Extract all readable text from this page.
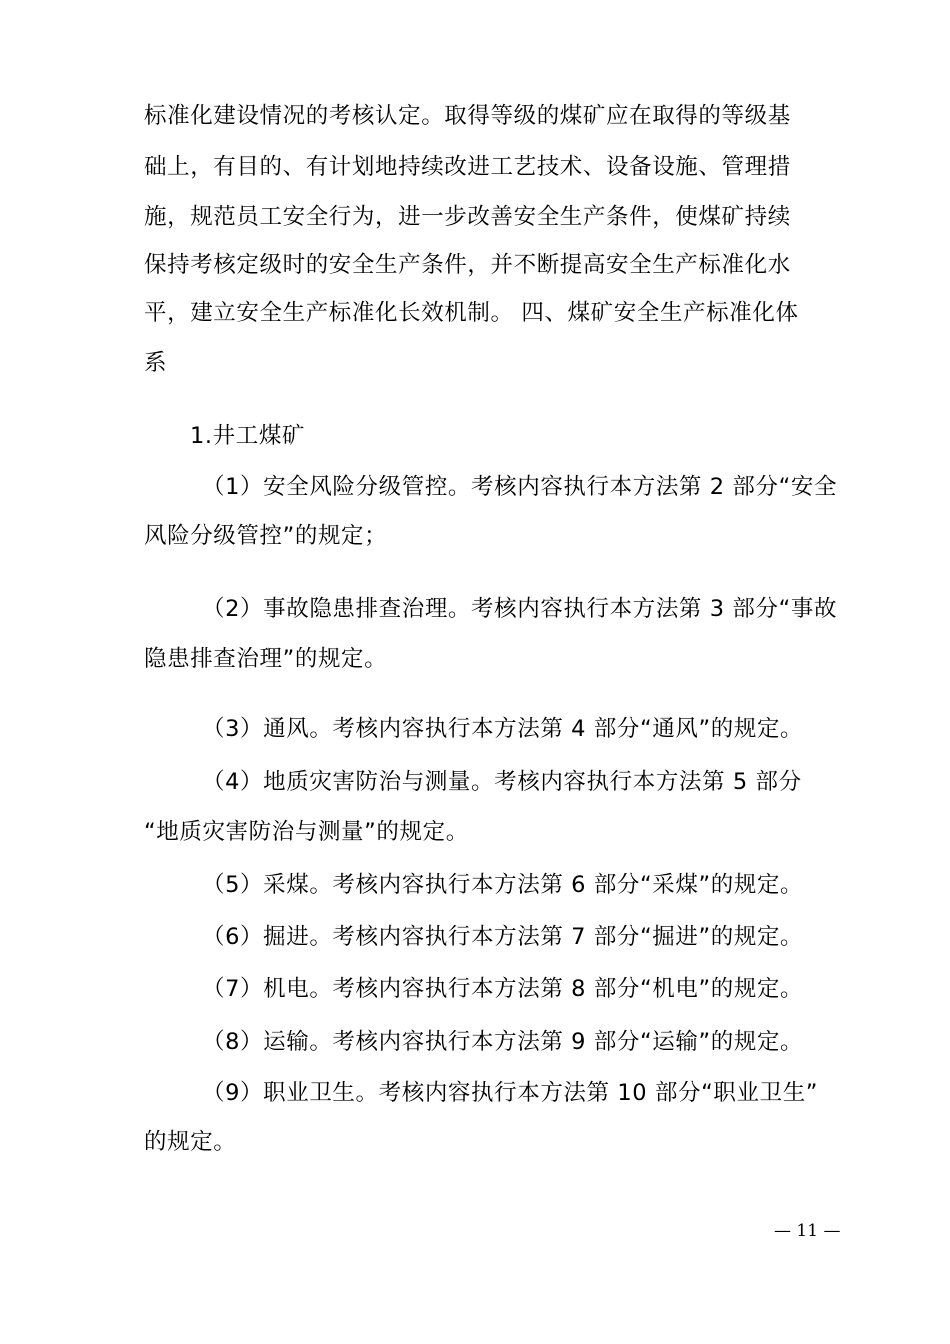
标准化建设情况的考核认定。取得等级的煤矿应在取得的等级基
础上，有目的、有计划地持续改进工艺技术、设备设施、管理措
施，规范员工安全行为，进一步改善安全生产条件，使煤矿持续
保持考核定级时的安全生产条件，并不断提高安全生产标准化水
平，建立安全生产标准化长效机制。 四、煤矿安全生产标准化体
系
1.井工煤矿
（1）安全风险分级管控。考核内容执行本方法第 2 部分“安全
风险分级管控”的规定；
（2）事故隐患排查治理。考核内容执行本方法第 3 部分“事故
隐患排查治理”的规定。
（3）通风。考核内容执行本方法第 4 部分“通风”的规定。
（4）地质灾害防治与测量。考核内容执行本方法第 5 部分
“地质灾害防治与测量”的规定。
（5）采煤。考核内容执行本方法第 6 部分“采煤”的规定。
（6）掘进。考核内容执行本方法第 7 部分“掘进”的规定。
（7）机电。考核内容执行本方法第 8 部分“机电”的规定。
（8）运输。考核内容执行本方法第 9 部分“运输”的规定。
（9）职业卫生。考核内容执行本方法第 10 部分“职业卫生”
的规定。
— 11 —
